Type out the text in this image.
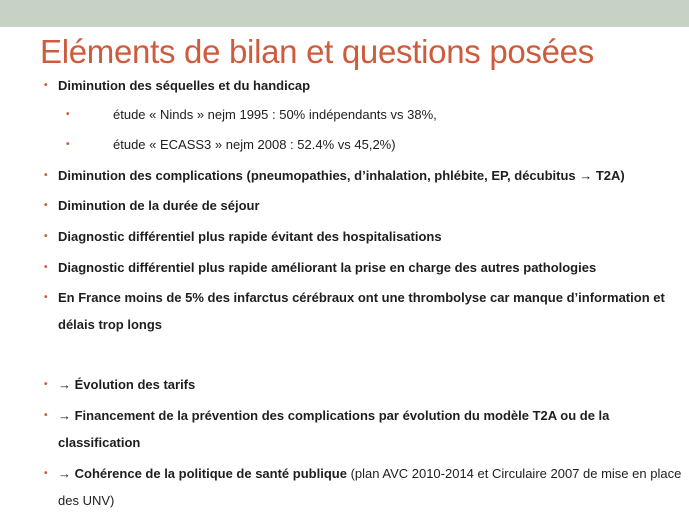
Eléments de bilan et questions posées
• Diminution des séquelles et du handicap
•	étude « Ninds » nejm 1995 : 50% indépendants vs 38%,
•	étude « ECASS3 » nejm 2008 : 52.4% vs 45,2%)
• Diminution des complications (pneumopathies, d’inhalation, phlébite, EP, décubitus → T2A)
• Diminution de la durée de séjour
• Diagnostic différentiel plus rapide évitant des hospitalisations
• Diagnostic différentiel plus rapide améliorant la prise en charge des autres pathologies
• En France moins de 5% des infarctus cérébraux ont une thrombolyse car manque d’information et délais trop longs
• → Évolution des tarifs
• → Financement de la prévention des complications par évolution du modèle T2A ou de la classification
• → Cohérence de la politique de santé publique (plan AVC 2010-2014 et Circulaire 2007 de mise en place des UNV)
